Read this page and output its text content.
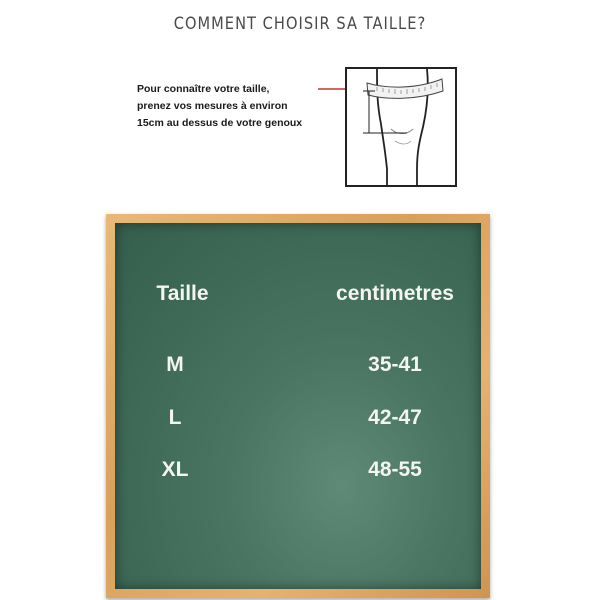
COMMENT CHOISIR SA TAILLE?
Pour connaître votre taille,
prenez vos mesures à environ
15cm au dessus de votre genoux
Taille	centimetres
M	35-41
L	42-47
XL	48-55
